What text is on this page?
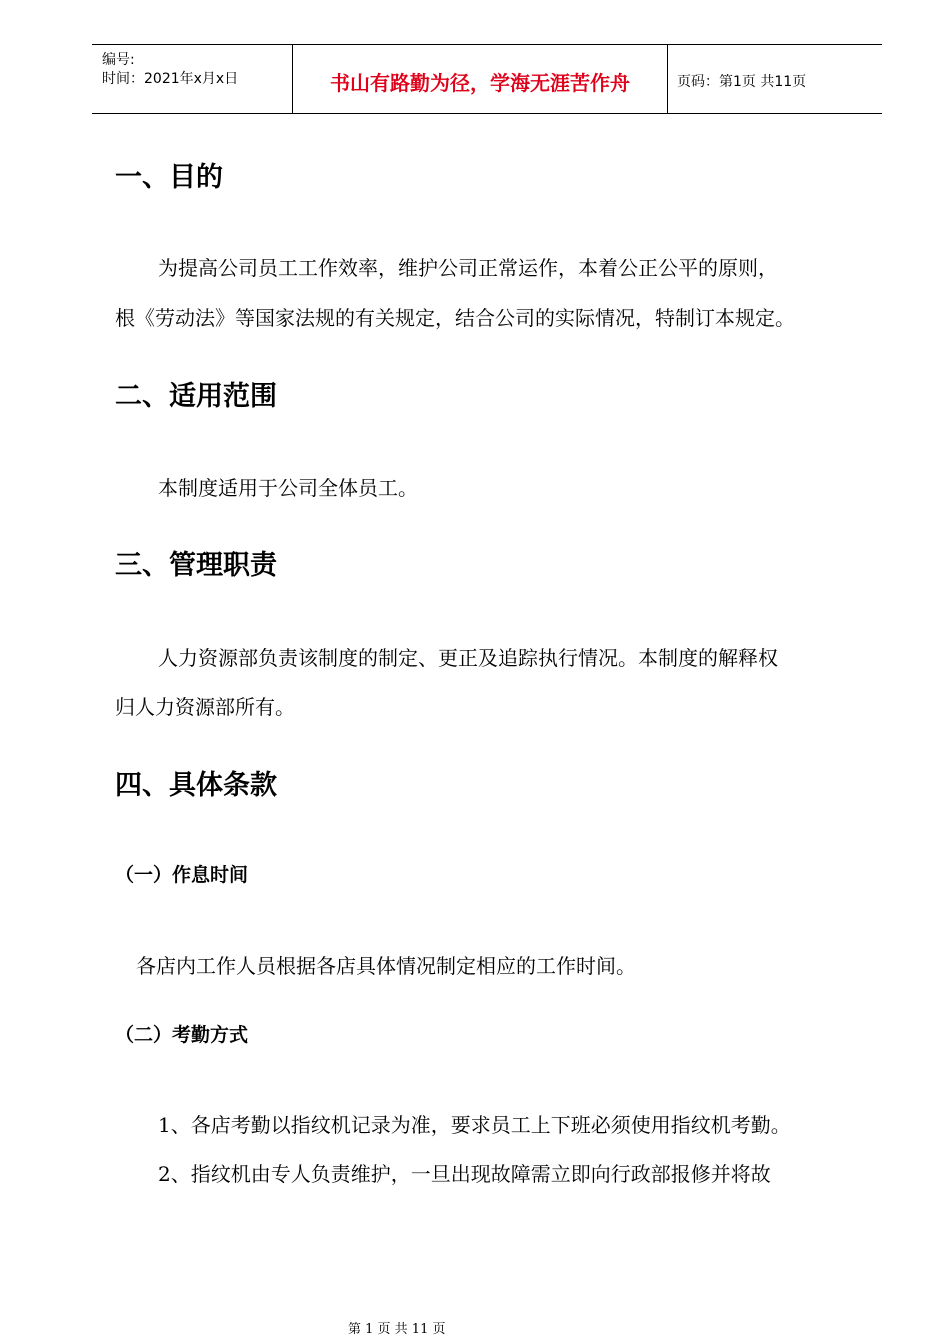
编号:
时间：2021年x月x日	书山有路勤为径，学海无涯苦作舟	页码：第1页 共11页
一、目的
为提高公司员工工作效率，维护公司正常运作，本着公正公平的原则，
根《劳动法》等国家法规的有关规定，结合公司的实际情况，特制订本规定。
二、适用范围
本制度适用于公司全体员工。
三、管理职责
人力资源部负责该制度的制定、更正及追踪执行情况。本制度的解释权
归人力资源部所有。
四、具体条款
（一）作息时间
各店内工作人员根据各店具体情况制定相应的工作时间。
（二）考勤方式
1、各店考勤以指纹机记录为准，要求员工上下班必须使用指纹机考勤。
2、指纹机由专人负责维护，一旦出现故障需立即向行政部报修并将故
第 1 页 共 11 页
